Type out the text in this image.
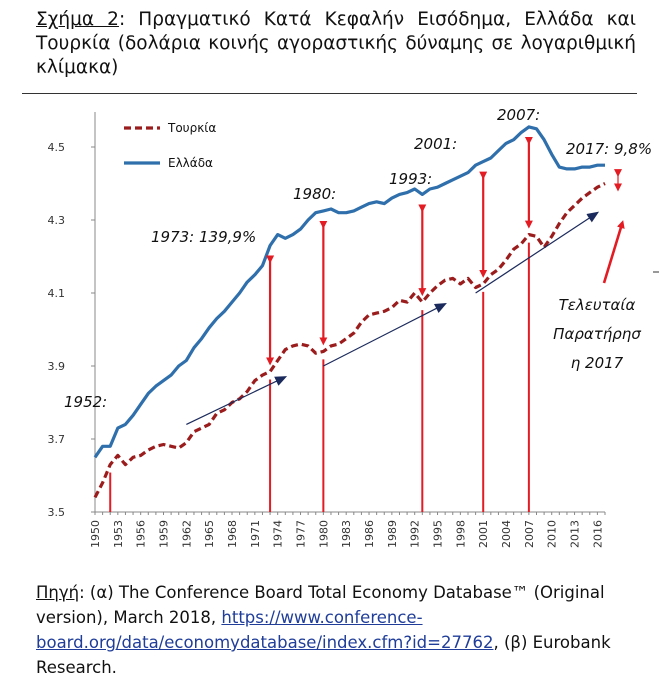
Σχήμα 2: Πραγματικό Κατά Κεφαλήν Εισόδημα, Ελλάδα και Τουρκία (δολάρια κοινής αγοραστικής δύναμης σε λογαριθμική κλίμακα)
3.5
3.7
3.9
4.1
4.3
4.5
1950 1953 1956 1959 1962 1965 1968 1971 1974 1977 1980 1983 1986 1989 1992 1995 1998 2001 2004 2007 2010 2013 2016
Τουρκία
Ελλάδα
1952:
1973: 139,9%
1980:
1993:
2001:
2007:
2017: 9,8%
Τελευταία
Παρατήρησ
η 2017
Πηγή: (α) The Conference Board Total Economy Database™ (Original version), March 2018, https://www.conference-board.org/data/economydatabase/index.cfm?id=27762, (β) Eurobank Research.
